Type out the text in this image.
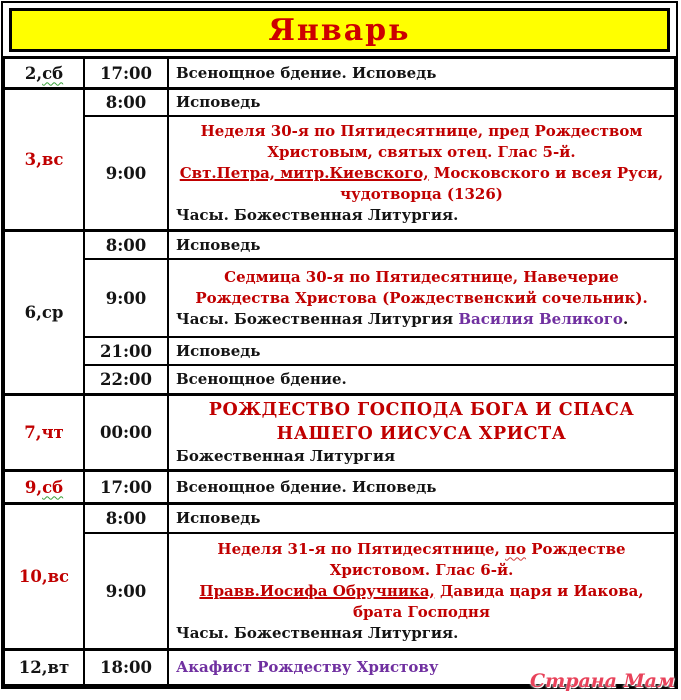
Январь
2,сб	17:00	Всенощное бдение. Исповедь

3,вс	8:00	Исповедь

	9:00	Неделя 30-я по Пятидесятнице, пред Рождеством Христовым, святых отец. Глас 5-й.
Свт.Петра, митр.Киевского, Московского и всея Руси, чудотворца (1326)
Часы. Божественная Литургия.

6,ср	8:00	Исповедь

	9:00	Седмица 30-я по Пятидесятнице, Навечерие Рождества Христова (Рождественский сочельник).
Часы. Божественная Литургия Василия Великого.

	21:00	Исповедь

	22:00	Всенощное бдение.

7,чт	00:00	РОЖДЕСТВО ГОСПОДА БОГА И СПАСА НАШЕГО ИИСУСА ХРИСТА
Божественная Литургия

9,сб	17:00	Всенощное бдение. Исповедь

10,вс	8:00	Исповедь

	9:00	Неделя 31-я по Пятидесятнице, по Рождестве Христовом. Глас 6-й.
Правв.Иосифа Обручника, Давида царя и Иакова, брата Господня
Часы. Божественная Литургия.

12,вт	18:00	Акафист Рождеству Христову
Страна Мам
